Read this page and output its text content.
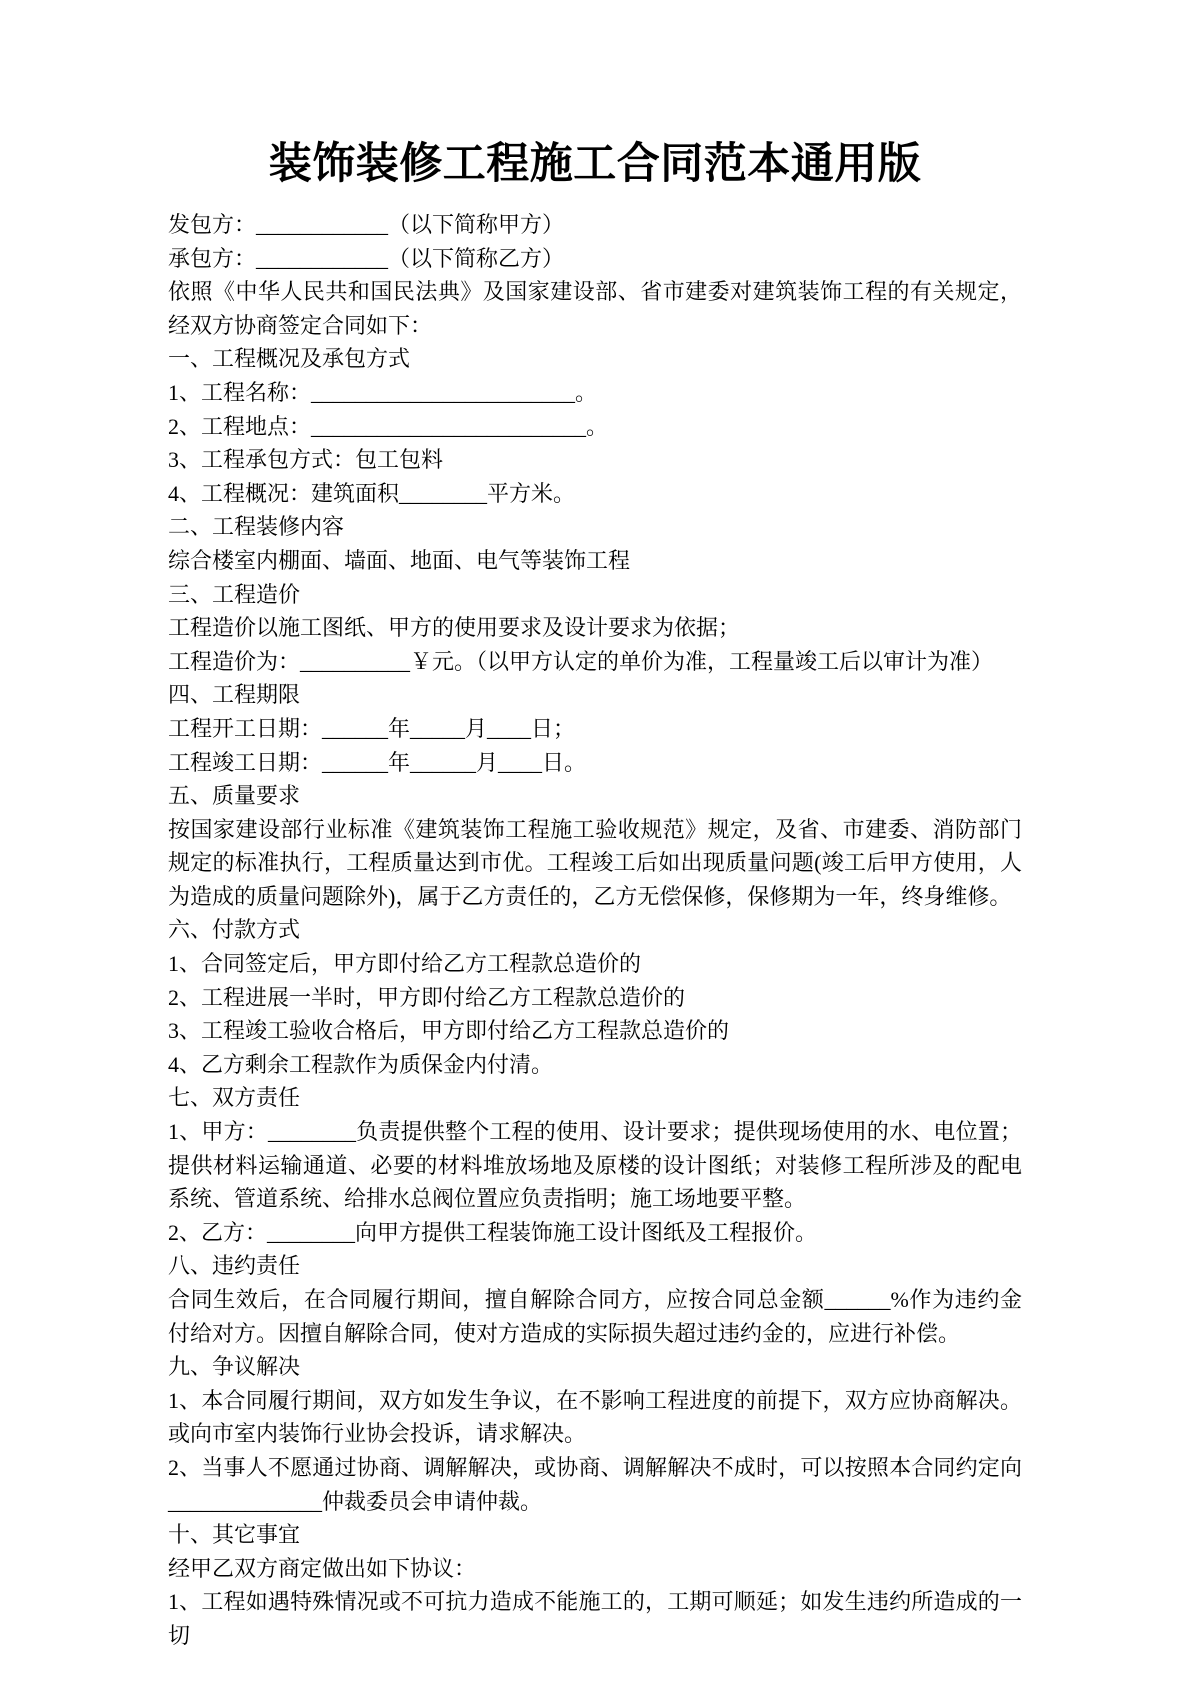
装饰装修工程施工合同范本通用版

发包方：____________（以下简称甲方）

承包方：____________（以下简称乙方）

依照《中华人民共和国民法典》及国家建设部、省市建委对建筑装饰工程的有关规定，经双方协商签定合同如下：

一、工程概况及承包方式

1、工程名称：________________________。

2、工程地点：_________________________。

3、工程承包方式：包工包料

4、工程概况：建筑面积________平方米。

二、工程装修内容

综合楼室内棚面、墙面、地面、电气等装饰工程

三、工程造价

工程造价以施工图纸、甲方的使用要求及设计要求为依据；

工程造价为：__________￥元。（以甲方认定的单价为准，工程量竣工后以审计为准）

四、工程期限

工程开工日期：______年_____月____日；

工程竣工日期：______年______月____日。

五、质量要求

按国家建设部行业标准《建筑装饰工程施工验收规范》规定，及省、市建委、消防部门规定的标准执行，工程质量达到市优。工程竣工后如出现质量问题(竣工后甲方使用，人为造成的质量问题除外)，属于乙方责任的，乙方无偿保修，保修期为一年，终身维修。

六、付款方式

1、合同签定后，甲方即付给乙方工程款总造价的

2、工程进展一半时，甲方即付给乙方工程款总造价的

3、工程竣工验收合格后，甲方即付给乙方工程款总造价的

4、乙方剩余工程款作为质保金内付清。

七、双方责任

1、甲方：________负责提供整个工程的使用、设计要求；提供现场使用的水、电位置；提供材料运输通道、必要的材料堆放场地及原楼的设计图纸；对装修工程所涉及的配电系统、管道系统、给排水总阀位置应负责指明；施工场地要平整。

2、乙方：________向甲方提供工程装饰施工设计图纸及工程报价。

八、违约责任

合同生效后，在合同履行期间，擅自解除合同方，应按合同总金额______%作为违约金付给对方。因擅自解除合同，使对方造成的实际损失超过违约金的，应进行补偿。

九、争议解决

1、本合同履行期间，双方如发生争议，在不影响工程进度的前提下，双方应协商解决。或向市室内装饰行业协会投诉，请求解决。

2、当事人不愿通过协商、调解解决，或协商、调解解决不成时，可以按照本合同约定向______________仲裁委员会申请仲裁。

十、其它事宜

经甲乙双方商定做出如下协议：

1、工程如遇特殊情况或不可抗力造成不能施工的，工期可顺延；如发生违约所造成的一切
